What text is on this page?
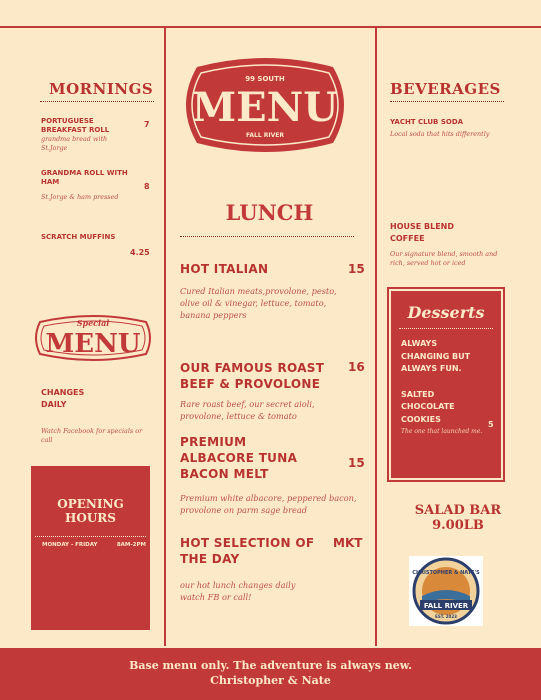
MORNINGS
PORTUGUESE BREAKFAST ROLL
grandma bread with St.Jorge
7
GRANDMA ROLL WITH HAM
St.Jorge & ham pressed
8
SCRATCH MUFFINS
4.25
Special
MENU
CHANGES DAILY
Watch Facebook for specials or call
OPENING HOURS
MONDAY - FRIDAY	8AM-2PM
99 SOUTH
MENU
FALL RIVER
LUNCH
HOT ITALIAN
Cured Italian meats,provolone, pesto, olive oil & vinegar, lettuce, tomato, banana peppers
15
OUR FAMOUS ROAST BEEF & PROVOLONE
Rare roast beef, our secret aioli, provolone, lettuce & tomato
16
PREMIUM ALBACORE TUNA BACON MELT
Premium white albacore, peppered bacon, provolone on parm sage bread
15
HOT SELECTION OF THE DAY
our hot lunch changes daily watch FB or call!
MKT
BEVERAGES
YACHT CLUB SODA
Local soda that hits differently
HOUSE BLEND COFFEE
Our signature blend, smooth and rich, served hot or iced
Desserts
ALWAYS CHANGING BUT ALWAYS FUN.
SALTED CHOCOLATE COOKIES
5
The one that launched me.
SALAD BAR
9.00LB
CHRISTOPHER & NATE'S
FALL RIVER
EST. 2023
Base menu only. The adventure is always new.
Christopher & Nate
